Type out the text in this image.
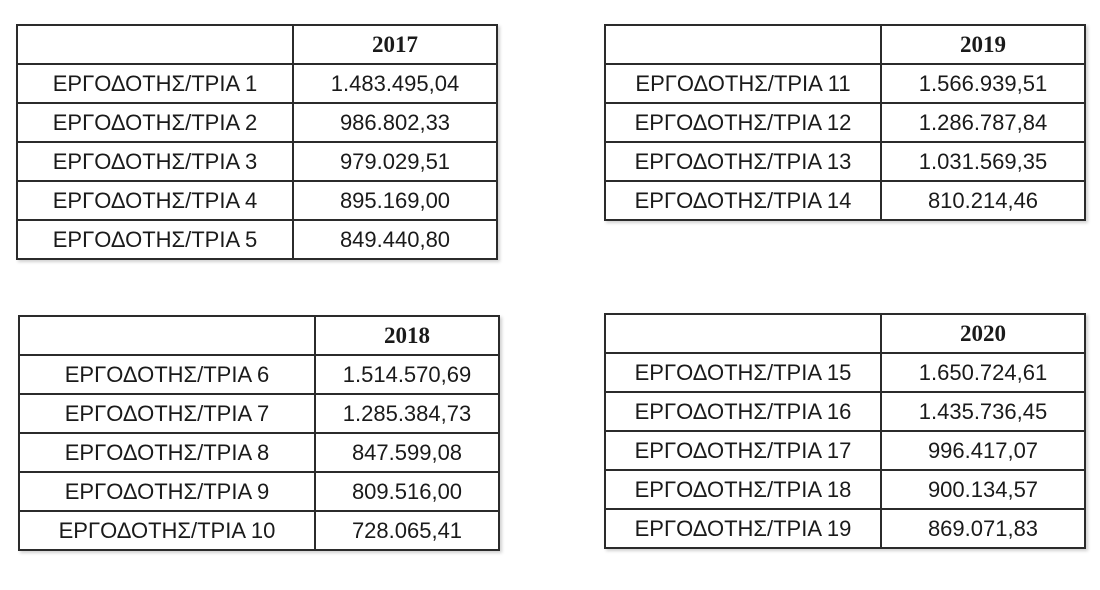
	2017
ΕΡΓΟΔΟΤΗΣ/ΤΡΙΑ 1	1.483.495,04
ΕΡΓΟΔΟΤΗΣ/ΤΡΙΑ 2	986.802,33
ΕΡΓΟΔΟΤΗΣ/ΤΡΙΑ 3	979.029,51
ΕΡΓΟΔΟΤΗΣ/ΤΡΙΑ 4	895.169,00
ΕΡΓΟΔΟΤΗΣ/ΤΡΙΑ 5	849.440,80
	2019
ΕΡΓΟΔΟΤΗΣ/ΤΡΙΑ 11	1.566.939,51
ΕΡΓΟΔΟΤΗΣ/ΤΡΙΑ 12	1.286.787,84
ΕΡΓΟΔΟΤΗΣ/ΤΡΙΑ 13	1.031.569,35
ΕΡΓΟΔΟΤΗΣ/ΤΡΙΑ 14	810.214,46
	2018
ΕΡΓΟΔΟΤΗΣ/ΤΡΙΑ 6	1.514.570,69
ΕΡΓΟΔΟΤΗΣ/ΤΡΙΑ 7	1.285.384,73
ΕΡΓΟΔΟΤΗΣ/ΤΡΙΑ 8	847.599,08
ΕΡΓΟΔΟΤΗΣ/ΤΡΙΑ 9	809.516,00
ΕΡΓΟΔΟΤΗΣ/ΤΡΙΑ 10	728.065,41
	2020
ΕΡΓΟΔΟΤΗΣ/ΤΡΙΑ 15	1.650.724,61
ΕΡΓΟΔΟΤΗΣ/ΤΡΙΑ 16	1.435.736,45
ΕΡΓΟΔΟΤΗΣ/ΤΡΙΑ 17	996.417,07
ΕΡΓΟΔΟΤΗΣ/ΤΡΙΑ 18	900.134,57
ΕΡΓΟΔΟΤΗΣ/ΤΡΙΑ 19	869.071,83
